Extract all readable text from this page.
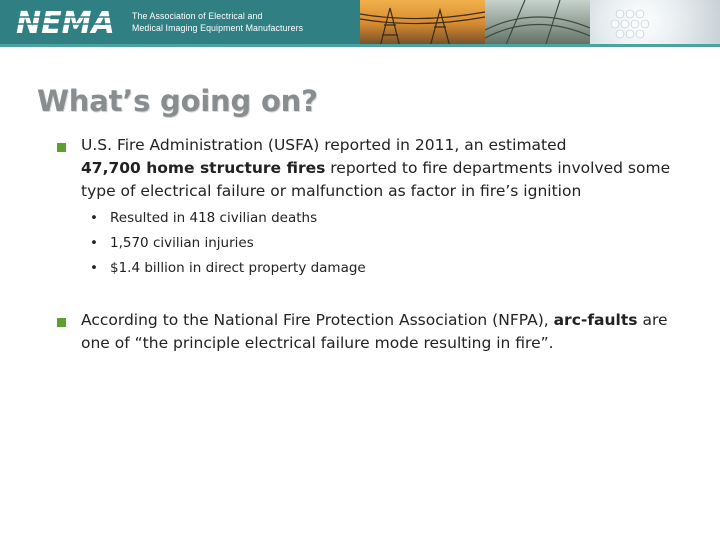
NEMA The Association of Electrical and
Medical Imaging Equipment Manufacturers
What’s going on?
U.S. Fire Administration (USFA) reported in 2011, an estimated
47,700 home structure fires reported to fire departments involved some
type of electrical failure or malfunction as factor in fire’s ignition
• Resulted in 418 civilian deaths
• 1,570 civilian injuries
• $1.4 billion in direct property damage
According to the National Fire Protection Association (NFPA), arc-faults are
one of “the principle electrical failure mode resulting in fire”.
